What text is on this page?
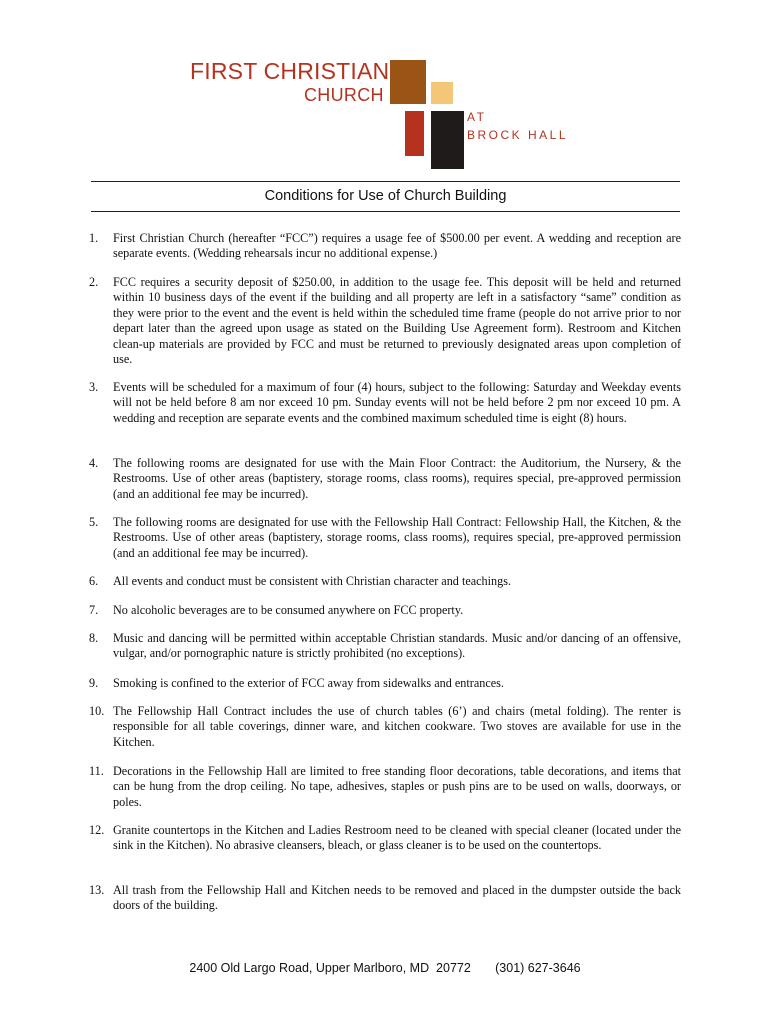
FIRST CHRISTIAN
CHURCH
AT
BROCK HALL
Conditions for Use of Church Building
1. First Christian Church (hereafter “FCC”) requires a usage fee of $500.00 per event. A wedding and reception are separate events. (Wedding rehearsals incur no additional expense.)
2. FCC requires a security deposit of $250.00, in addition to the usage fee. This deposit will be held and returned within 10 business days of the event if the building and all property are left in a satisfactory “same” condition as they were prior to the event and the event is held within the scheduled time frame (people do not arrive prior to nor depart later than the agreed upon usage as stated on the Building Use Agreement form). Restroom and Kitchen clean-up materials are provided by FCC and must be returned to previously designated areas upon completion of use.
3. Events will be scheduled for a maximum of four (4) hours, subject to the following: Saturday and Weekday events will not be held before 8 am nor exceed 10 pm. Sunday events will not be held before 2 pm nor exceed 10 pm. A wedding and reception are separate events and the combined maximum scheduled time is eight (8) hours.
4. The following rooms are designated for use with the Main Floor Contract: the Auditorium, the Nursery, & the Restrooms. Use of other areas (baptistery, storage rooms, class rooms), requires special, pre-approved permission (and an additional fee may be incurred).
5. The following rooms are designated for use with the Fellowship Hall Contract: Fellowship Hall, the Kitchen, & the Restrooms. Use of other areas (baptistery, storage rooms, class rooms), requires special, pre-approved permission (and an additional fee may be incurred).
6. All events and conduct must be consistent with Christian character and teachings.
7. No alcoholic beverages are to be consumed anywhere on FCC property.
8. Music and dancing will be permitted within acceptable Christian standards. Music and/or dancing of an offensive, vulgar, and/or pornographic nature is strictly prohibited (no exceptions).
9. Smoking is confined to the exterior of FCC away from sidewalks and entrances.
10. The Fellowship Hall Contract includes the use of church tables (6’) and chairs (metal folding). The renter is responsible for all table coverings, dinner ware, and kitchen cookware. Two stoves are available for use in the Kitchen.
11. Decorations in the Fellowship Hall are limited to free standing floor decorations, table decorations, and items that can be hung from the drop ceiling. No tape, adhesives, staples or push pins are to be used on walls, doorways, or poles.
12. Granite countertops in the Kitchen and Ladies Restroom need to be cleaned with special cleaner (located under the sink in the Kitchen). No abrasive cleansers, bleach, or glass cleaner is to be used on the countertops.
13. All trash from the Fellowship Hall and Kitchen needs to be removed and placed in the dumpster outside the back doors of the building.
2400 Old Largo Road, Upper Marlboro, MD  20772 (301) 627-3646
